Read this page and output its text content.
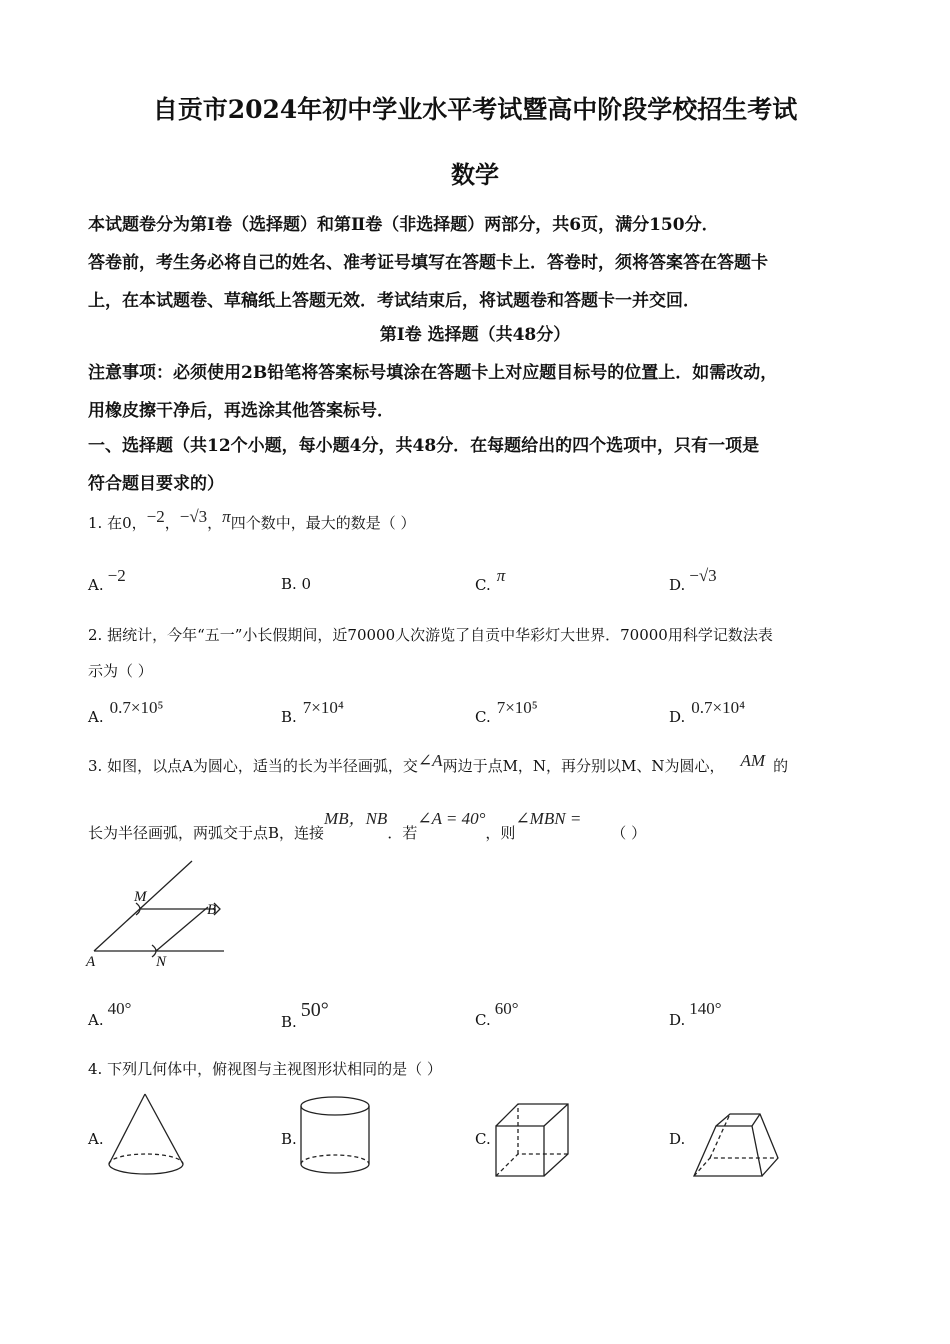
自贡市2024年初中学业水平考试暨高中阶段学校招生考试
数学
本试题卷分为第Ⅰ卷（选择题）和第Ⅱ卷（非选择题）两部分，共6页，满分150分．
答卷前，考生务必将自己的姓名、准考证号填写在答题卡上．答卷时，须将答案答在答题卡
上，在本试题卷、草稿纸上答题无效．考试结束后，将试题卷和答题卡一并交回．
第Ⅰ卷 选择题（共48分）
注意事项：必须使用2B铅笔将答案标号填涂在答题卡上对应题目标号的位置上．如需改动，
用橡皮擦干净后，再选涂其他答案标号．
一、选择题（共12个小题，每小题4分，共48分．在每题给出的四个选项中，只有一项是
符合题目要求的）
1. 在0，−2，−√3，π四个数中，最大的数是（ ）
A. −2	B. 0	C. π	D. −√3
2. 据统计，今年“五一”小长假期间，近70000人次游览了自贡中华彩灯大世界．70000用科学记数法表
示为（ ）
A. 0.7×10⁵	B. 7×10⁴	C. 7×10⁵	D. 0.7×10⁴
3. 如图，以点A为圆心，适当的长为半径画弧，交∠A两边于点M，N，再分别以M、N为圆心， AM 的
长为半径画弧，两弧交于点B，连接MB，NB．若∠A = 40°，则∠MBN =（ ）
M
B
A	N
A.40°
B.50°	C.60°
D.140°
4. 下列几何体中，俯视图与主视图形状相同的是（ ）
A.	B.	C.	D.
